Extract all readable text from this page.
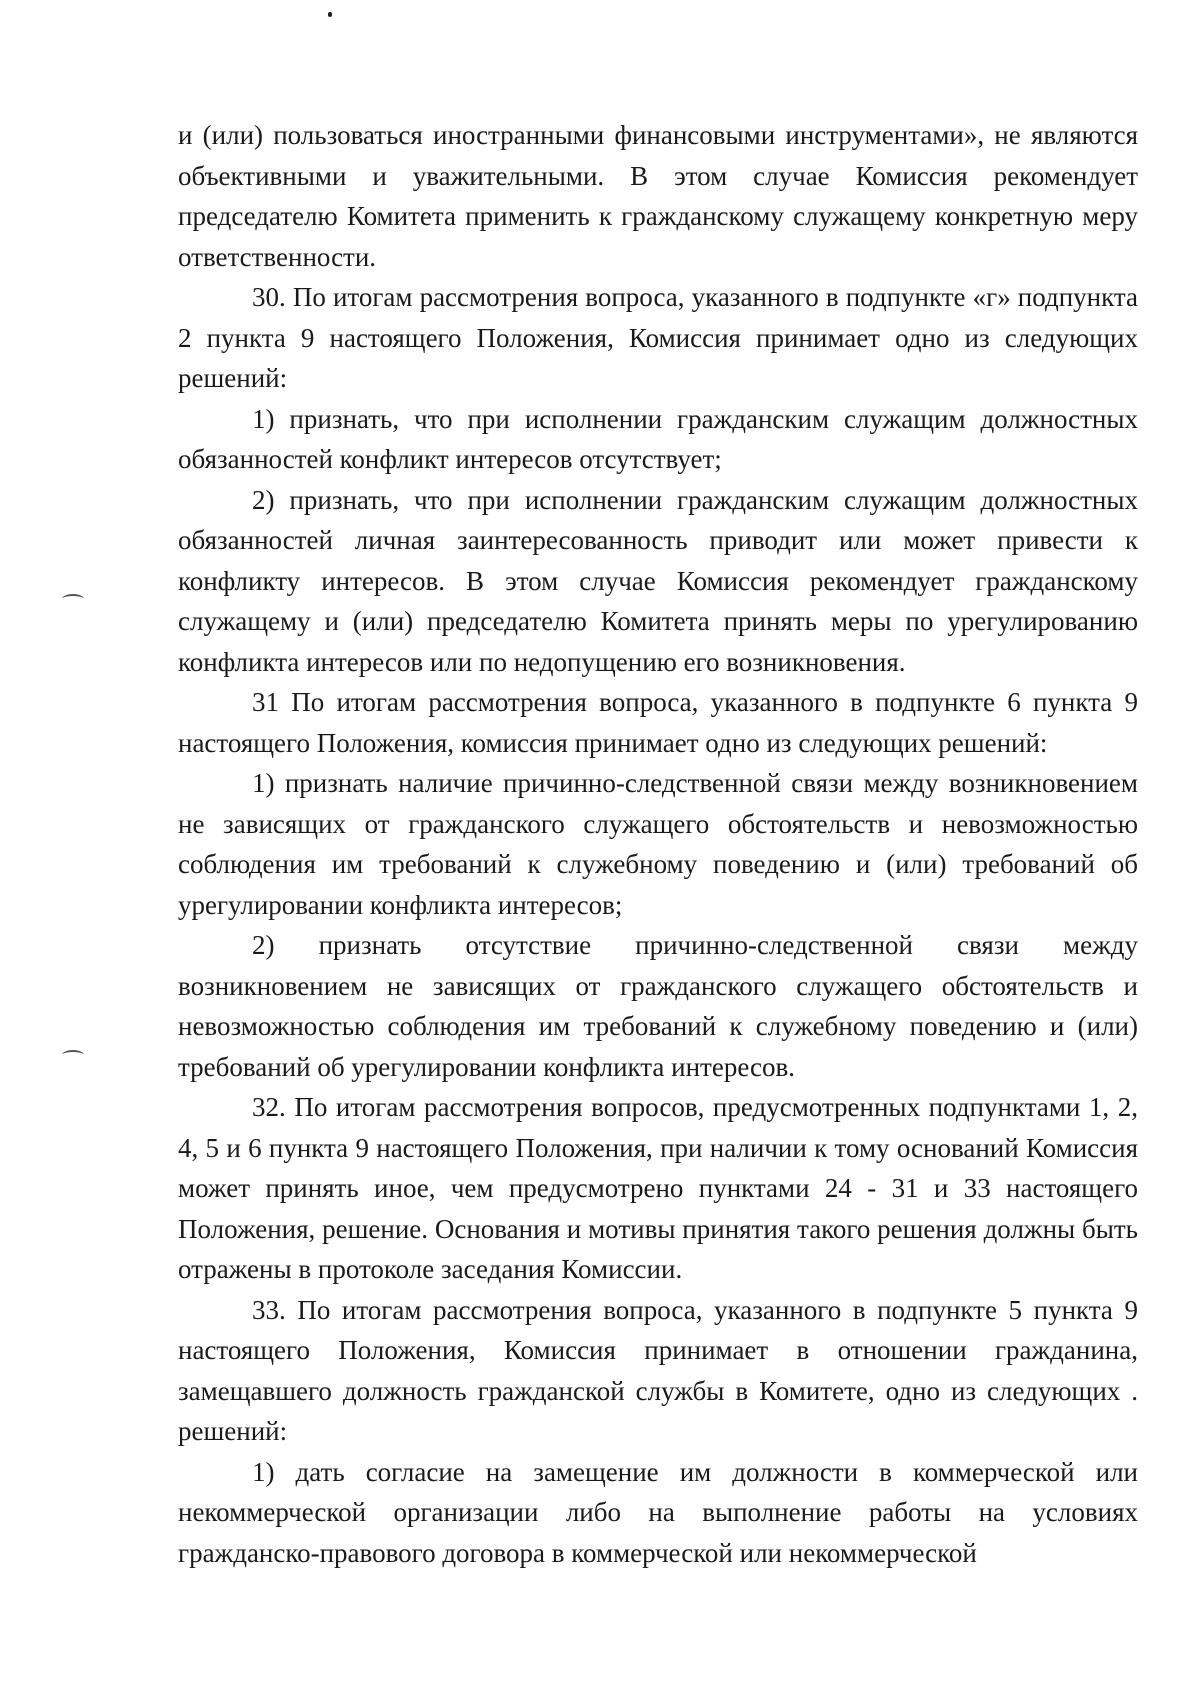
и (или) пользоваться иностранными финансовыми инструментами», не являются объективными и уважительными. В этом случае Комиссия рекомендует председателю Комитета применить к гражданскому служащему конкретную меру ответственности.

30. По итогам рассмотрения вопроса, указанного в подпункте «г» подпункта 2 пункта 9 настоящего Положения, Комиссия принимает одно из следующих решений:

1) признать, что при исполнении гражданским служащим должностных обязанностей конфликт интересов отсутствует;

2) признать, что при исполнении гражданским служащим должностных обязанностей личная заинтересованность приводит или может привести к конфликту интересов. В этом случае Комиссия рекомендует гражданскому служащему и (или) председателю Комитета принять меры по урегулированию конфликта интересов или по недопущению его возникновения.

31 По итогам рассмотрения вопроса, указанного в подпункте 6 пункта 9 настоящего Положения, комиссия принимает одно из следующих решений:

1) признать наличие причинно-следственной связи между возникновением не зависящих от гражданского служащего обстоятельств и невозможностью соблюдения им требований к служебному поведению и (или) требований об урегулировании конфликта интересов;

2) признать отсутствие причинно-следственной связи между возникновением не зависящих от гражданского служащего обстоятельств и невозможностью соблюдения им требований к служебному поведению и (или) требований об урегулировании конфликта интересов.

32. По итогам рассмотрения вопросов, предусмотренных подпунктами 1, 2, 4, 5 и 6 пункта 9 настоящего Положения, при наличии к тому оснований Комиссия может принять иное, чем предусмотрено пунктами 24 - 31 и 33 настоящего Положения, решение. Основания и мотивы принятия такого решения должны быть отражены в протоколе заседания Комиссии.

33. По итогам рассмотрения вопроса, указанного в подпункте 5 пункта 9 настоящего Положения, Комиссия принимает в отношении гражданина, замещавшего должность гражданской службы в Комитете, одно из следующих . решений:

1) дать согласие на замещение им должности в коммерческой или некоммерческой организации либо на выполнение работы на условиях гражданско-правового договора в коммерческой или некоммерческой
